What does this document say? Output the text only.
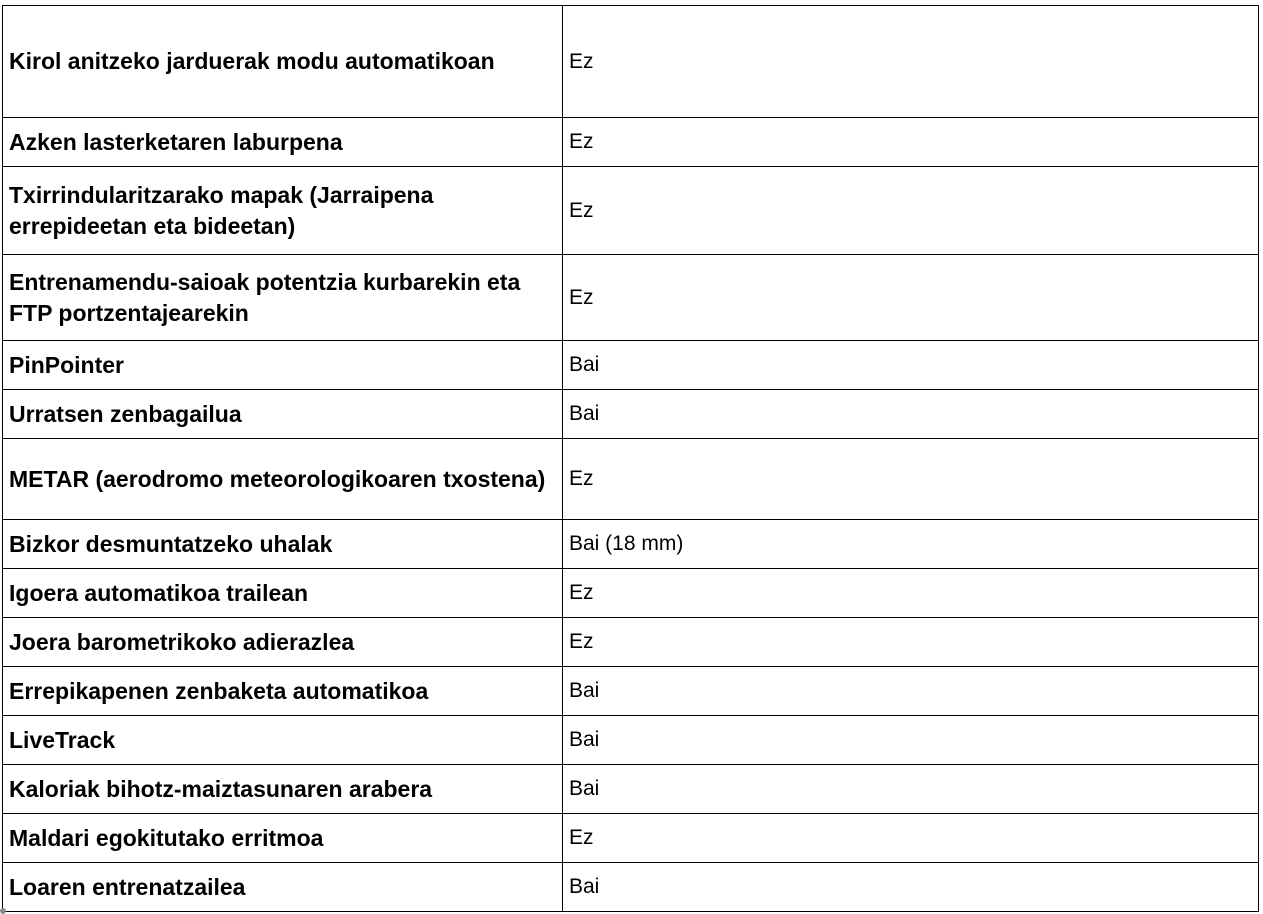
Kirol anitzeko jarduerak modu automatikoan	Ez
Azken lasterketaren laburpena	Ez
Txirrindularitzarako mapak (Jarraipena errepideetan eta bideetan)	Ez
Entrenamendu-saioak potentzia kurbarekin eta FTP portzentajearekin	Ez
PinPointer	Bai
Urratsen zenbagailua	Bai
METAR (aerodromo meteorologikoaren txostena)	Ez
Bizkor desmuntatzeko uhalak	Bai (18 mm)
Igoera automatikoa trailean	Ez
Joera barometrikoko adierazlea	Ez
Errepikapenen zenbaketa automatikoa	Bai
LiveTrack	Bai
Kaloriak bihotz-maiztasunaren arabera	Bai
Maldari egokitutako erritmoa	Ez
Loaren entrenatzailea	Bai
